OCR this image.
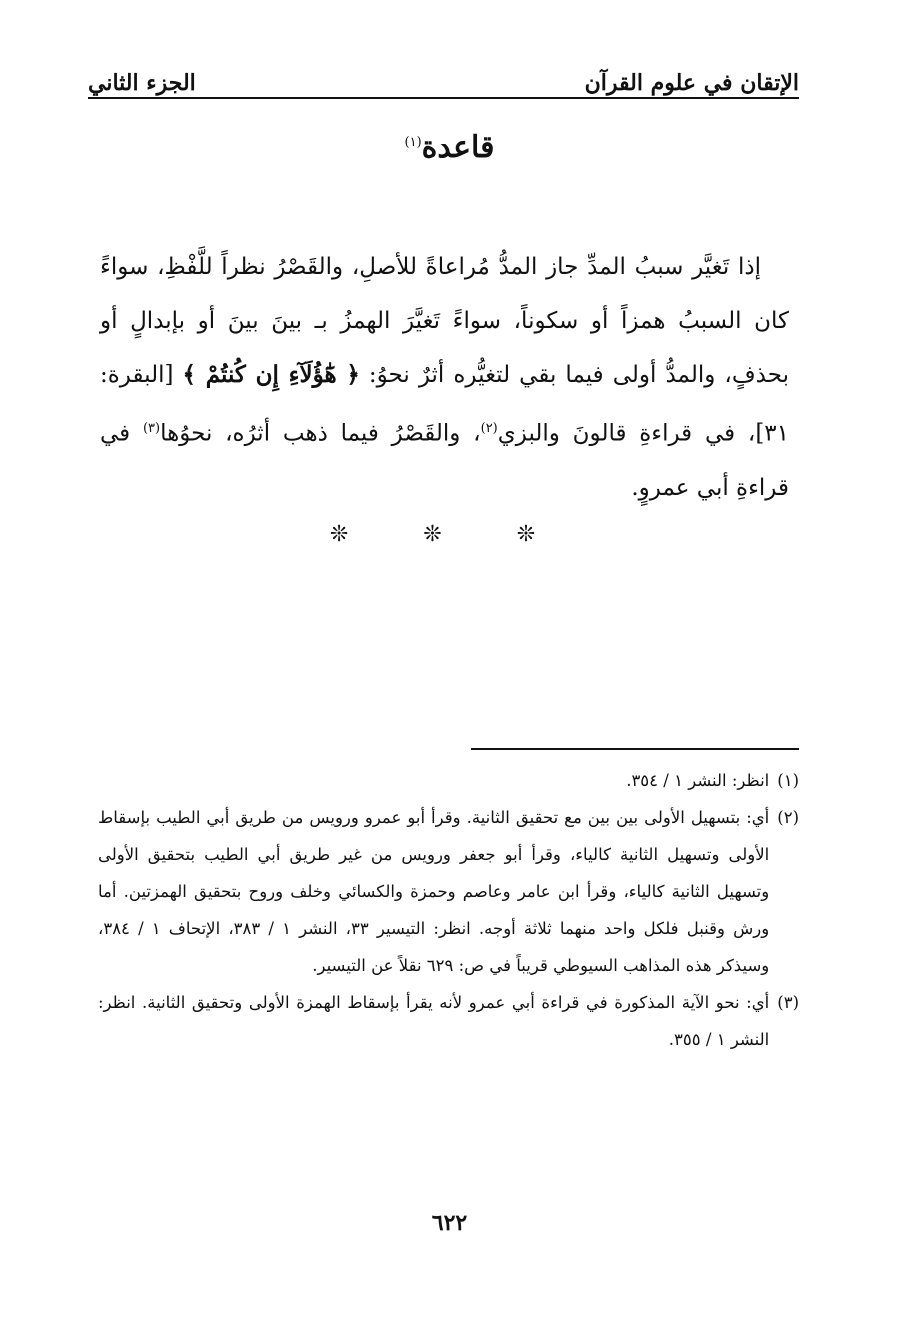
الإتقان في علوم القرآن
الجزء الثاني
قاعدة$^{(١)}$

إذا تَغيَّر سببُ المدِّ جاز المدُّ مُراعاةً للأصلِ، والقَصْرُ نظراً للَّفْظِ، سواءً كان السببُ همزاً أو سكوناً، سواءً تَغيَّرَ الهمزُ بـ بينَ بينَ أو بإبدالٍ أو بحذفٍ، والمدُّ أولى فيما بقي لتغيُّره أثرٌ نحوُ: ﴿ هَٰٓؤُلَآءِ إِن كُنتُمْ ﴾ [البقرة: ٣١]، في قراءةِ قالونَ والبزي$^{(٢)}$، والقَصْرُ فيما ذهب أثرُه، نحوُها$^{(٣)}$ في قراءةِ أبي عمروٍ.

❊ ❊ ❊
(١)
انظر: النشر ١ / ٣٥٤.
(٢)
أي: بتسهيل الأولى بين بين مع تحقيق الثانية. وقرأ أبو عمرو ورويس من طريق أبي الطيب بإسقاط الأولى وتسهيل الثانية كالياء، وقرأ أبو جعفر ورويس من غير طريق أبي الطيب بتحقيق الأولى وتسهيل الثانية كالياء، وقرأ ابن عامر وعاصم وحمزة والكسائي وخلف وروح بتحقيق الهمزتين. أما ورش وقنبل فلكل واحد منهما ثلاثة أوجه. انظر: التيسير ٣٣، النشر ١ / ٣٨٣، الإتحاف ١ / ٣٨٤، وسيذكر هذه المذاهب السيوطي قريباً في ص: ٦٢٩ نقلاً عن التيسير.
(٣)
أي: نحو الآية المذكورة في قراءة أبي عمرو لأنه يقرأ بإسقاط الهمزة الأولى وتحقيق الثانية. انظر: النشر ١ / ٣٥٥.
٦٢٢
